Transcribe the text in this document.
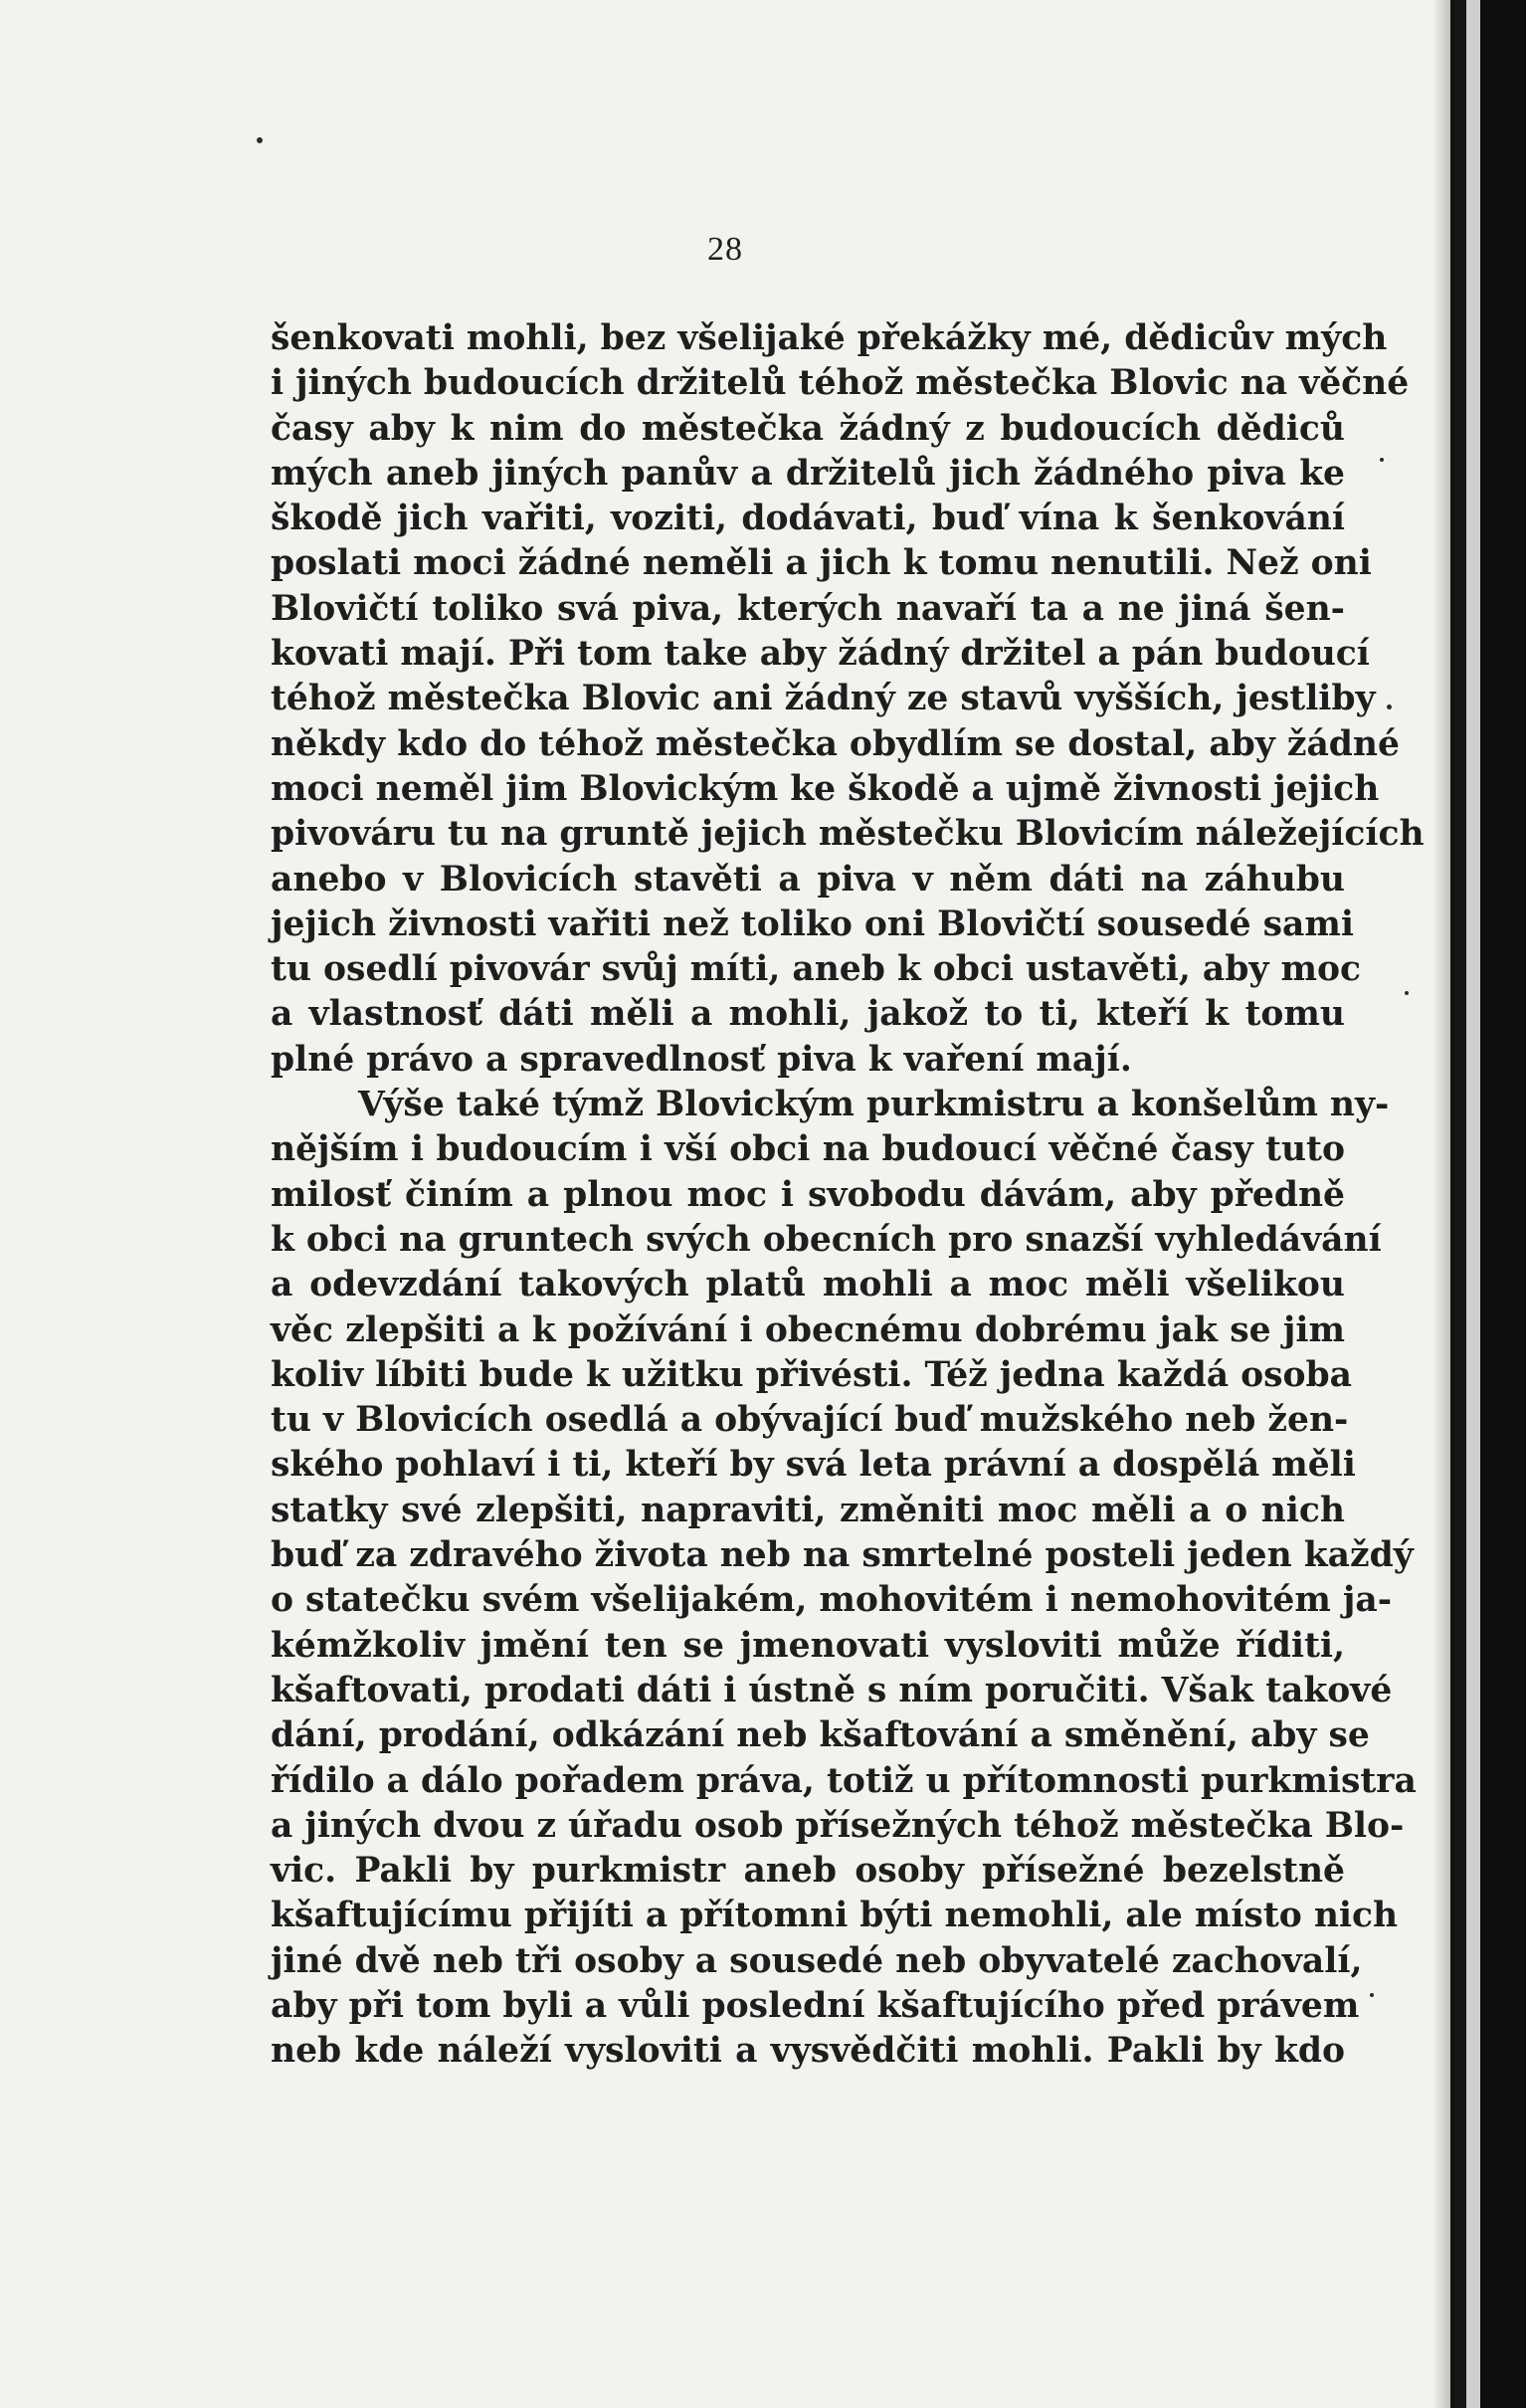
28
šenkovati mohli, bez všelijaké překážky mé, dědicův mých
i jiných budoucích držitelů téhož městečka Blovic na věčné
časy aby k nim do městečka žádný z budoucích dědiců
mých aneb jiných panův a držitelů jich žádného piva ke
škodě jich vařiti, voziti, dodávati, buď vína k šenkování
poslati moci žádné neměli a jich k tomu nenutili. Než oni
Blovičtí toliko svá piva, kterých navaří ta a ne jiná šen-
kovati mají. Při tom take aby žádný držitel a pán budoucí
téhož městečka Blovic ani žádný ze stavů vyšších, jestliby
někdy kdo do téhož městečka obydlím se dostal, aby žádné
moci neměl jim Blovickým ke škodě a ujmě živnosti jejich
pivováru tu na gruntě jejich městečku Blovicím náležejících
anebo v Blovicích stavěti a piva v něm dáti na záhubu
jejich živnosti vařiti než toliko oni Blovičtí sousedé sami
tu osedlí pivovár svůj míti, aneb k obci ustavěti, aby moc
a vlastnosť dáti měli a mohli, jakož to ti, kteří k tomu
plné právo a spravedlnosť piva k vaření mají.
Výše také týmž Blovickým purkmistru a konšelům ny-
nějším i budoucím i vší obci na budoucí věčné časy tuto
milosť činím a plnou moc i svobodu dávám, aby předně
k obci na gruntech svých obecních pro snazší vyhledávání
a odevzdání takových platů mohli a moc měli všelikou
věc zlepšiti a k požívání i obecnému dobrému jak se jim
koliv líbiti bude k užitku přivésti. Též jedna každá osoba
tu v Blovicích osedlá a obývající buď mužského neb žen-
ského pohlaví i ti, kteří by svá leta právní a dospělá měli
statky své zlepšiti, napraviti, změniti moc měli a o nich
buď za zdravého života neb na smrtelné posteli jeden každý
o statečku svém všelijakém, mohovitém i nemohovitém ja-
kémžkoliv jmění ten se jmenovati vysloviti může říditi,
kšaftovati, prodati dáti i ústně s ním poručiti. Však takové
dání, prodání, odkázání neb kšaftování a směnění, aby se
řídilo a dálo pořadem práva, totiž u přítomnosti purkmistra
a jiných dvou z úřadu osob přísežných téhož městečka Blo-
vic. Pakli by purkmistr aneb osoby přísežné bezelstně
kšaftujícímu přijíti a přítomni býti nemohli, ale místo nich
jiné dvě neb tři osoby a sousedé neb obyvatelé zachovalí,
aby při tom byli a vůli poslední kšaftujícího před právem
neb kde náleží vysloviti a vysvědčiti mohli. Pakli by kdo
